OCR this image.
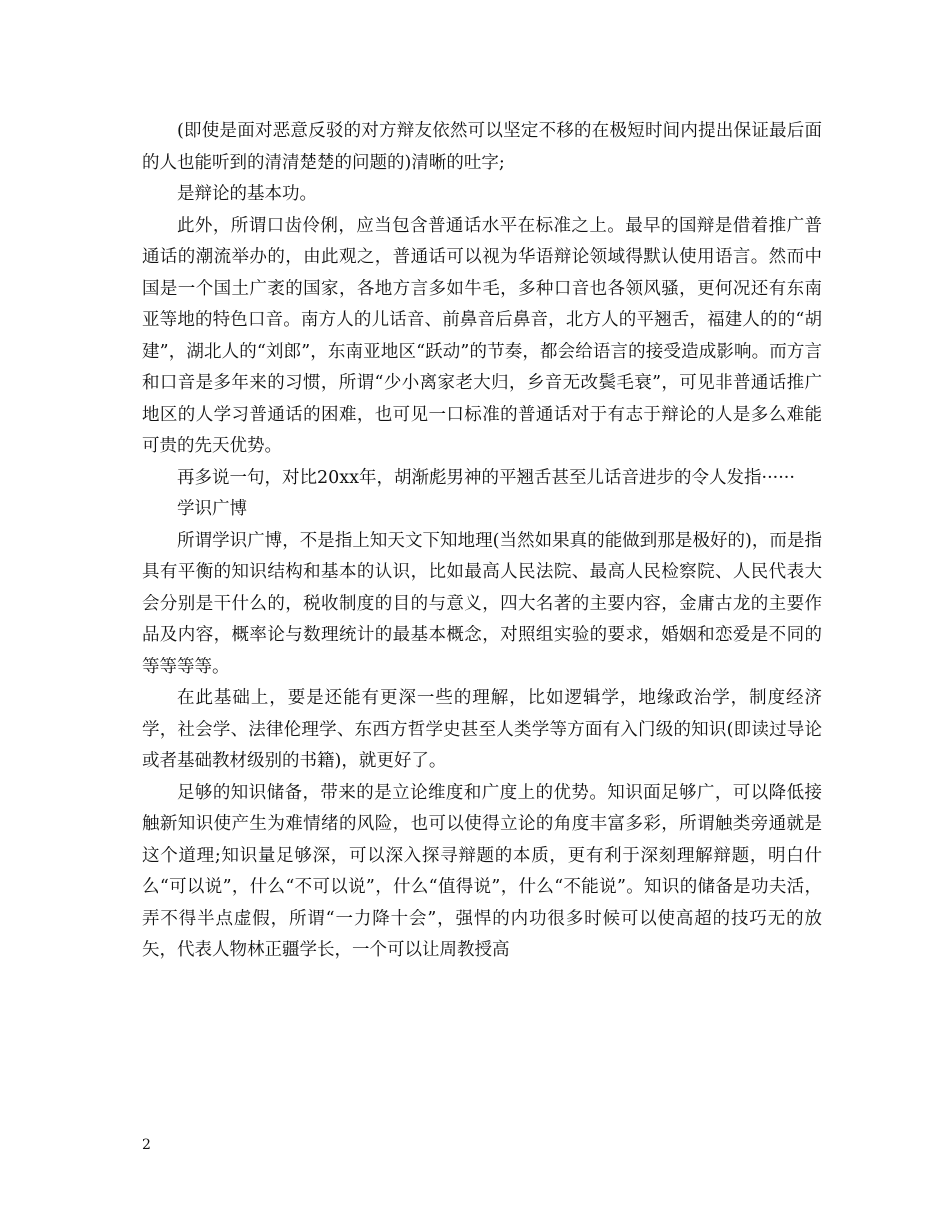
(即使是面对恶意反驳的对方辩友依然可以坚定不移的在极短时间内提出保证最后面的人也能听到的清清楚楚的问题的)清晰的吐字;

是辩论的基本功。

此外，所谓口齿伶俐，应当包含普通话水平在标准之上。最早的国辩是借着推广普通话的潮流举办的，由此观之，普通话可以视为华语辩论领域得默认使用语言。然而中国是一个国土广袤的国家，各地方言多如牛毛，多种口音也各领风骚，更何况还有东南亚等地的特色口音。南方人的儿话音、前鼻音后鼻音，北方人的平翘舌，福建人的的“胡建”，湖北人的“刘郎”，东南亚地区“跃动”的节奏，都会给语言的接受造成影响。而方言和口音是多年来的习惯，所谓“少小离家老大归，乡音无改鬓毛衰”，可见非普通话推广地区的人学习普通话的困难，也可见一口标准的普通话对于有志于辩论的人是多么难能可贵的先天优势。

再多说一句，对比20xx年，胡渐彪男神的平翘舌甚至儿话音进步的令人发指······

学识广博

所谓学识广博，不是指上知天文下知地理(当然如果真的能做到那是极好的)，而是指具有平衡的知识结构和基本的认识，比如最高人民法院、最高人民检察院、人民代表大会分别是干什么的，税收制度的目的与意义，四大名著的主要内容，金庸古龙的主要作品及内容，概率论与数理统计的最基本概念，对照组实验的要求，婚姻和恋爱是不同的等等等等。

在此基础上，要是还能有更深一些的理解，比如逻辑学，地缘政治学，制度经济学，社会学、法律伦理学、东西方哲学史甚至人类学等方面有入门级的知识(即读过导论或者基础教材级别的书籍)，就更好了。

足够的知识储备，带来的是立论维度和广度上的优势。知识面足够广，可以降低接触新知识使产生为难情绪的风险，也可以使得立论的角度丰富多彩，所谓触类旁通就是这个道理;知识量足够深，可以深入探寻辩题的本质，更有利于深刻理解辩题，明白什么“可以说”，什么“不可以说”，什么“值得说”，什么“不能说”。知识的储备是功夫活，弄不得半点虚假，所谓“一力降十会”，强悍的内功很多时候可以使高超的技巧无的放矢，代表人物林正疆学长，一个可以让周教授高

2
